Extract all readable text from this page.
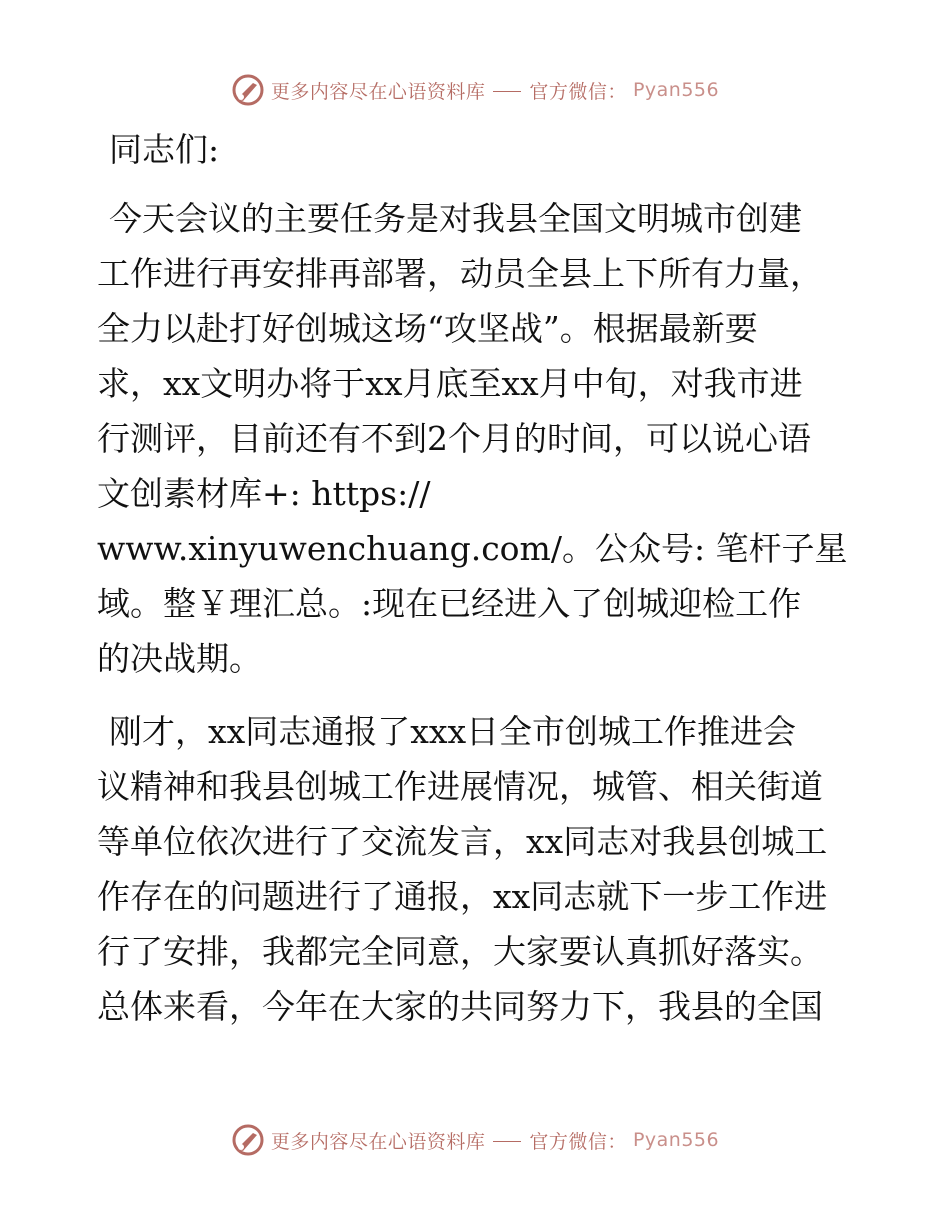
更多内容尽在心语资料库 官方微信： Pyan556

同志们:

今天会议的主要任务是对我县全国文明城市创建
工作进行再安排再部署，动员全县上下所有力量，
全力以赴打好创城这场“攻坚战”。根据最新要
求，xx文明办将于xx月底至xx月中旬，对我市进
行测评，目前还有不到2个月的时间，可以说心语
文创素材库+: https://
www.xinyuwenchuang.com/。公众号: 笔杆子星
域。整￥理汇总。:现在已经进入了创城迎检工作
的决战期。

刚才，xx同志通报了xxx日全市创城工作推进会
议精神和我县创城工作进展情况，城管、相关街道
等单位依次进行了交流发言，xx同志对我县创城工
作存在的问题进行了通报，xx同志就下一步工作进
行了安排，我都完全同意，大家要认真抓好落实。
总体来看，今年在大家的共同努力下，我县的全国

更多内容尽在心语资料库 官方微信： Pyan556
